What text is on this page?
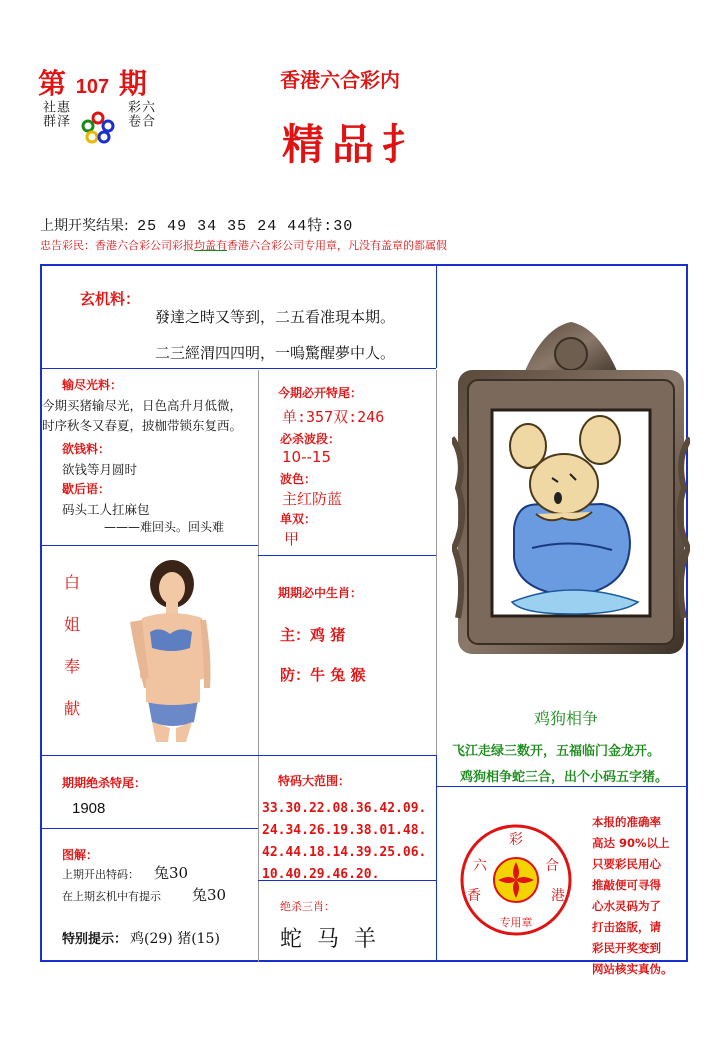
第 107 期
惠泽
社群	六合
彩卷
香港六合彩内
精品扌
上期开奖结果: 25 49 34 35 24 44特:30
忠告彩民：香港六合彩公司彩报均盖有香港六合彩公司专用章，凡没有盖章的都属假
玄机料：
發達之時又等到，二五看准現本期。
二三經渭四四明，一嗚驚醒夢中人。
输尽光料：
今期买猪输尽光，日色高升月低微，
时序秋冬又春夏，披枷带锁东复西。
欲钱料：
欲钱等月圆时
歇后语：
码头工人扛麻包
———难回头。回头难
今期必开特尾：
单:357双:246
必杀波段：
10--15
波色：
主红防蓝
单双：
甲
白
姐
奉
献
期期必中生肖：
主：鸡 猪
防：牛 兔 猴
期期绝杀特尾：
1908
图解：
上期开出特码： 兔30
在上期玄机中有提示 兔30
特别提示： 鸡(29) 猪(15)
特码大范围：
33.30.22.08.36.42.09.
24.34.26.19.38.01.48.
42.44.18.14.39.25.06.
10.40.29.46.20.
绝杀三肖：
蛇 马 羊
鸡狗相争
飞江走绿三数开，五福临门金龙开。
鸡狗相争蛇三合，出个小码五字猪。
彩
六	合
香	港
专用章
本报的准确率
高达 90%以上
只要彩民用心
推敲便可寻得
心水灵码为了
打击盗版，请
彩民开奖变到
网站核实真伪。
